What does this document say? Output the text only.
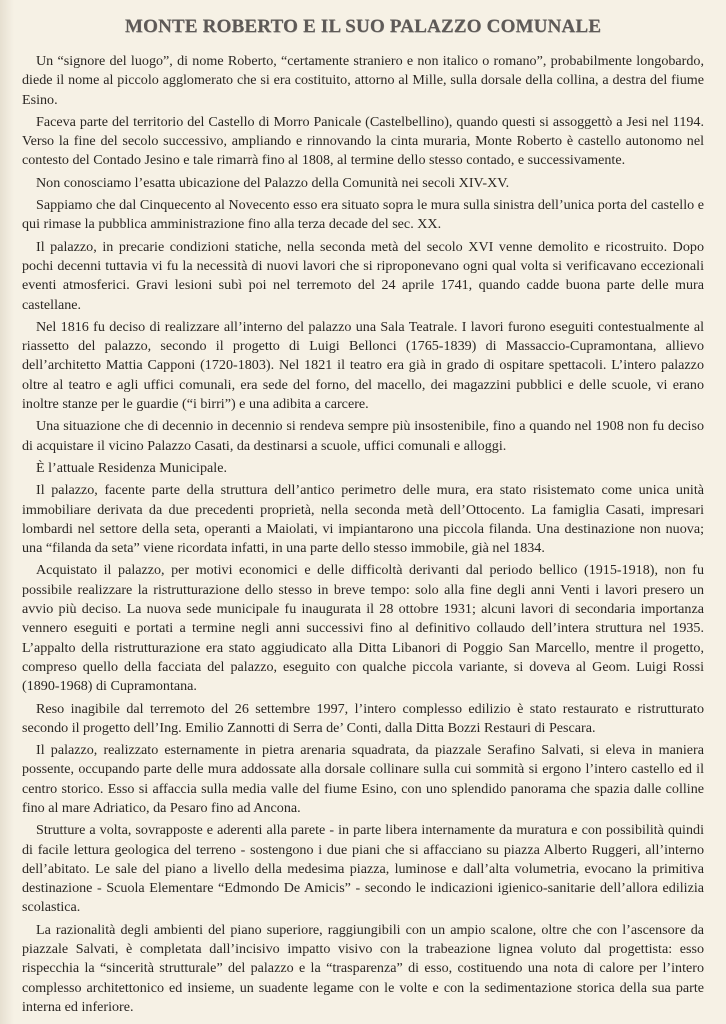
MONTE ROBERTO E IL SUO PALAZZO COMUNALE

Un “signore del luogo”, di nome Roberto, “certamente straniero e non italico o romano”, probabilmente longobardo, diede il nome al piccolo agglomerato che si era costituito, attorno al Mille, sulla dorsale della collina, a destra del fiume Esino.

Faceva parte del territorio del Castello di Morro Panicale (Castelbellino), quando questi si assoggettò a Jesi nel 1194. Verso la fine del secolo successivo, ampliando e rinnovando la cinta muraria, Monte Roberto è castello autonomo nel contesto del Contado Jesino e tale rimarrà fino al 1808, al termine dello stesso contado, e successivamente.

Non conosciamo l’esatta ubicazione del Palazzo della Comunità nei secoli XIV-XV.

Sappiamo che dal Cinquecento al Novecento esso era situato sopra le mura sulla sinistra dell’unica porta del castello e qui rimase la pubblica amministrazione fino alla terza decade del sec. XX.

Il palazzo, in precarie condizioni statiche, nella seconda metà del secolo XVI venne demolito e ricostruito. Dopo pochi decenni tuttavia vi fu la necessità di nuovi lavori che si riproponevano ogni qual volta si verificavano eccezionali eventi atmosferici. Gravi lesioni subì poi nel terremoto del 24 aprile 1741, quando cadde buona parte delle mura castellane.

Nel 1816 fu deciso di realizzare all’interno del palazzo una Sala Teatrale. I lavori furono eseguiti contestualmente al riassetto del palazzo, secondo il progetto di Luigi Bellonci (1765-1839) di Massaccio-Cupramontana, allievo dell’architetto Mattia Capponi (1720-1803). Nel 1821 il teatro era già in grado di ospitare spettacoli. L’intero palazzo oltre al teatro e agli uffici comunali, era sede del forno, del macello, dei magazzini pubblici e delle scuole, vi erano inoltre stanze per le guardie (“i birri”) e una adibita a carcere.

Una situazione che di decennio in decennio si rendeva sempre più insostenibile, fino a quando nel 1908 non fu deciso di acquistare il vicino Palazzo Casati, da destinarsi a scuole, uffici comunali e alloggi.

È l’attuale Residenza Municipale.

Il palazzo, facente parte della struttura dell’antico perimetro delle mura, era stato risistemato come unica unità immobiliare derivata da due precedenti proprietà, nella seconda metà dell’Ottocento. La famiglia Casati, impresari lombardi nel settore della seta, operanti a Maiolati, vi impiantarono una piccola filanda. Una destinazione non nuova; una “filanda da seta” viene ricordata infatti, in una parte dello stesso immobile, già nel 1834.

Acquistato il palazzo, per motivi economici e delle difficoltà derivanti dal periodo bellico (1915-1918), non fu possibile realizzare la ristrutturazione dello stesso in breve tempo: solo alla fine degli anni Venti i lavori presero un avvio più deciso. La nuova sede municipale fu inaugurata il 28 ottobre 1931; alcuni lavori di secondaria importanza vennero eseguiti e portati a termine negli anni successivi fino al definitivo collaudo dell’intera struttura nel 1935. L’appalto della ristrutturazione era stato aggiudicato alla Ditta Libanori di Poggio San Marcello, mentre il progetto, compreso quello della facciata del palazzo, eseguito con qualche piccola variante, si doveva al Geom. Luigi Rossi (1890-1968) di Cupramontana.

Reso inagibile dal terremoto del 26 settembre 1997, l’intero complesso edilizio è stato restaurato e ristrutturato secondo il progetto dell’Ing. Emilio Zannotti di Serra de’ Conti, dalla Ditta Bozzi Restauri di Pescara.

Il palazzo, realizzato esternamente in pietra arenaria squadrata, da piazzale Serafino Salvati, si eleva in maniera possente, occupando parte delle mura addossate alla dorsale collinare sulla cui sommità si ergono l’intero castello ed il centro storico. Esso si affaccia sulla media valle del fiume Esino, con uno splendido panorama che spazia dalle colline fino al mare Adriatico, da Pesaro fino ad Ancona.

Strutture a volta, sovrapposte e aderenti alla parete - in parte libera internamente da muratura e con possibilità quindi di facile lettura geologica del terreno - sostengono i due piani che si affacciano su piazza Alberto Ruggeri, all’interno dell’abitato. Le sale del piano a livello della medesima piazza, luminose e dall’alta volumetria, evocano la primitiva destinazione - Scuola Elementare “Edmondo De Amicis” - secondo le indicazioni igienico-sanitarie dell’allora edilizia scolastica.

La razionalità degli ambienti del piano superiore, raggiungibili con un ampio scalone, oltre che con l’ascensore da piazzale Salvati, è completata dall’incisivo impatto visivo con la trabeazione lignea voluto dal progettista: esso rispecchia la “sincerità strutturale” del palazzo e la “trasparenza” di esso, costituendo una nota di calore per l’intero complesso architettonico ed insieme, un suadente legame con le volte e con la sedimentazione storica della sua parte interna ed inferiore.
